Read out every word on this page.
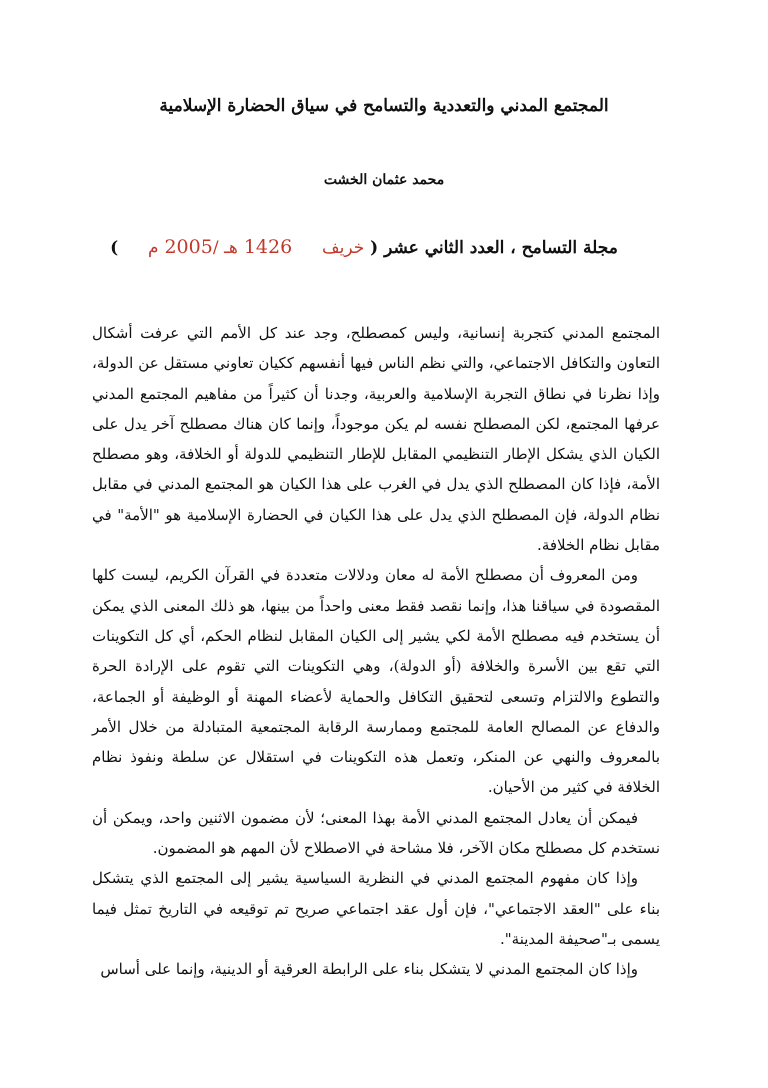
المجتمع المدني والتعددية والتسامح في سياق الحضارة الإسلامية
محمد عثمان الخشت
مجلة التسامح ، العدد الثاني عشر ( خريف  1426 هـ /2005 م  )

المجتمع المدني كتجربة إنسانية، وليس كمصطلح، وجد عند كل الأمم التي عرفت أشكال التعاون والتكافل الاجتماعي، والتي نظم الناس فيها أنفسهم ككيان تعاوني مستقل عن الدولة، وإذا نظرنا في نطاق التجربة الإسلامية والعربية، وجدنا أن كثيراً من مفاهيم المجتمع المدني عرفها المجتمع، لكن المصطلح نفسه لم يكن موجوداً، وإنما كان هناك مصطلح آخر يدل على الكيان الذي يشكل الإطار التنظيمي المقابل للإطار التنظيمي للدولة أو الخلافة، وهو مصطلح الأمة، فإذا كان المصطلح الذي يدل في الغرب على هذا الكيان هو المجتمع المدني في مقابل نظام الدولة، فإن المصطلح الذي يدل على هذا الكيان في الحضارة الإسلامية هو "الأمة" في مقابل نظام الخلافة.

ومن المعروف أن مصطلح الأمة له معان ودلالات متعددة في القرآن الكريم، ليست كلها المقصودة في سياقنا هذا، وإنما نقصد فقط معنى واحداً من بينها، هو ذلك المعنى الذي يمكن أن يستخدم فيه مصطلح الأمة لكي يشير إلى الكيان المقابل لنظام الحكم، أي كل التكوينات التي تقع بين الأسرة والخلافة (أو الدولة)، وهي التكوينات التي تقوم على الإرادة الحرة والتطوع والالتزام وتسعى لتحقيق التكافل والحماية لأعضاء المهنة أو الوظيفة أو الجماعة، والدفاع عن المصالح العامة للمجتمع وممارسة الرقابة المجتمعية المتبادلة من خلال الأمر بالمعروف والنهي عن المنكر، وتعمل هذه التكوينات في استقلال عن سلطة ونفوذ نظام الخلافة في كثير من الأحيان.

فيمكن أن يعادل المجتمع المدني الأمة بهذا المعنى؛ لأن مضمون الاثنين واحد، ويمكن أن نستخدم كل مصطلح مكان الآخر، فلا مشاحة في الاصطلاح لأن المهم هو المضمون.

وإذا كان مفهوم المجتمع المدني في النظرية السياسية يشير إلى المجتمع الذي يتشكل بناء على "العقد الاجتماعي"، فإن أول عقد اجتماعي صريح تم توقيعه في التاريخ تمثل فيما يسمى بـ"صحيفة المدينة".

وإذا كان المجتمع المدني لا يتشكل بناء على الرابطة العرقية أو الدينية، وإنما على أساس
